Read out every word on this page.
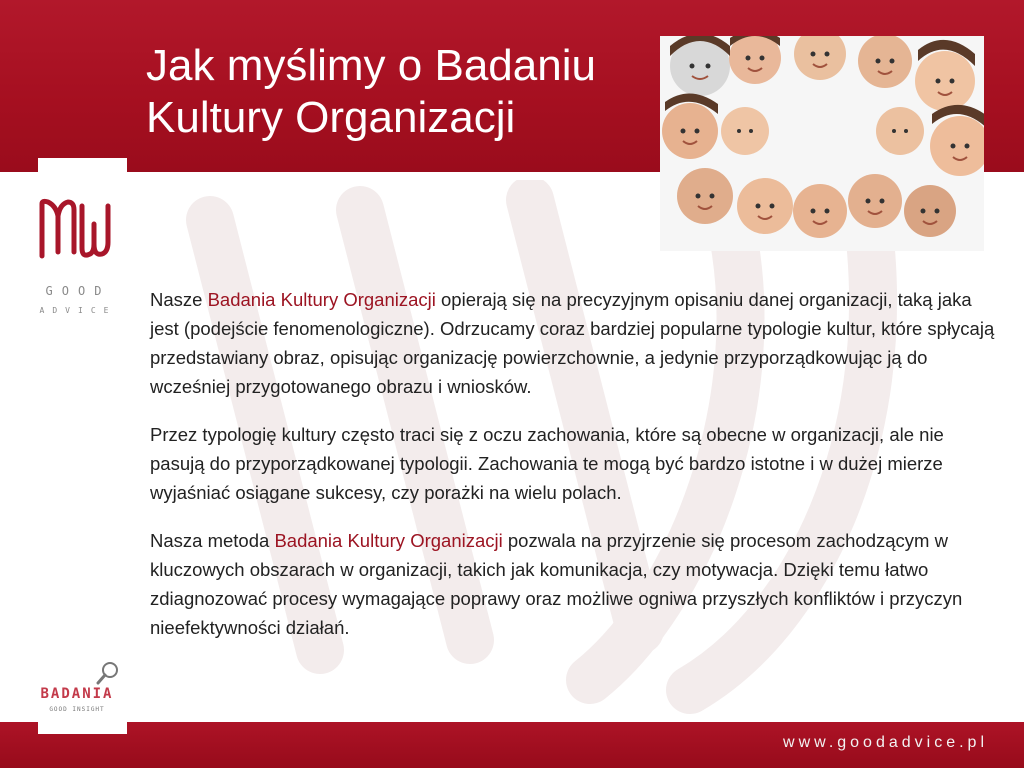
Jak myślimy o Badaniu
Kultury Organizacji
GOOD
ADVICE

Nasze Badania Kultury Organizacji opierają się na precyzyjnym opisaniu danej organizacji, taką jaka jest (podejście fenomenologiczne). Odrzucamy coraz bardziej popularne typologie kultur, które spłycają przedstawiany obraz, opisując organizację powierzchownie, a jedynie przyporządkowując ją do wcześniej przygotowanego obrazu i wniosków.

Przez typologię kultury często traci się z oczu zachowania, które są obecne w organizacji, ale nie pasują do przyporządkowanej typologii. Zachowania te mogą być bardzo istotne i w dużej mierze wyjaśniać osiągane sukcesy, czy porażki na wielu polach.

Nasza metoda Badania Kultury Organizacji pozwala na przyjrzenie się procesom zachodzącym w kluczowych obszarach w organizacji, takich jak komunikacja, czy motywacja. Dzięki temu łatwo zdiagnozować procesy wymagające poprawy oraz możliwe ogniwa przyszłych konfliktów i przyczyn nieefektywności działań.

BADANIA
GOOD INSIGHT
www.goodadvice.pl
